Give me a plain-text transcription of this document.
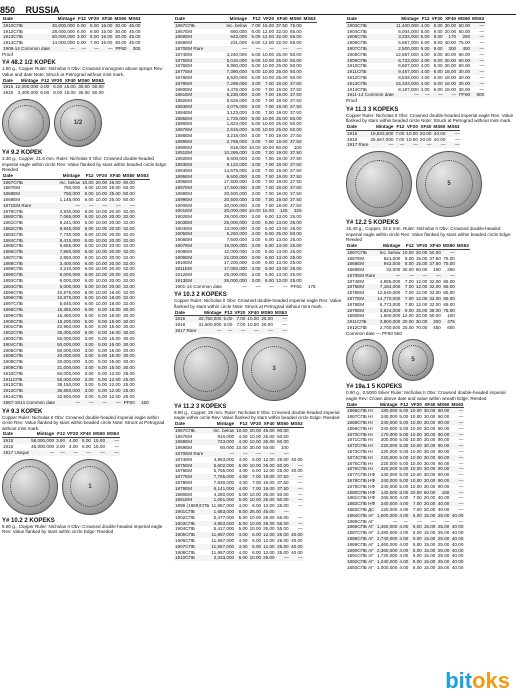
850 RUSSIA
Date	Mintage	F12	VF20	XF40	MS60	MS63
1910СПБ	30,800,000	6.00	8.00	15.00	30.00	45.00
1912СПБ	28,000,000	6.00	8.00	15.00	30.00	45.00
1913СПБ	50,000,000	3.00	6.00	15.00	30.00	45.00
1914СПБ	14,000,000	5.00	7.00	15.00	30.00	45.00
1908-14 Common date	—	—	—	—	PF60	300
Proof
Y# 48.2 1/2 KOPEK
1.60 g., Copper Ruler: Nicholas II Obv: Crowned monogram above sprays Rev: Value and date Note: Struck at Petrograd without mint mark.
Date	Mintage	F12	VF20	XF40	MS60	MS63
1915	12,000,000	4.00	6.00	15.00	30.00	50.00
1916	3,400,000	6.00	8.00	15.00	35.00	50.00
1/2
Y# 9.2 KOPEK
3.30 g., Copper, 21.6 mm. Ruler: Nicholas II Obv: Crowned double-headed imperial eagle within circle Rev: Value flanked by stars within beaded circle Edge: Reeded
Date	Mintage	F12	VF20	XF40	MS60	MS63
1867СПБ	Inc. below	10.00	20.00	45.00	90.00	
1867ЕМ	750,000	6.00	10.00	25.00	50.00	
1868ЕМ	750,000	6.00	10.00	25.00	50.00	
1869ЕМ	1,145,000	6.00	10.00	25.00	50.00	
1871ЕМ Rare	—	—	—	—	—	
1879СПБ	2,830,000	6.00	10.00	20.00	32.00	
1880СПБ	7,065,000	6.00	10.00	20.00	32.00	
1881СПБ	8,241,000	5.00	10.00	20.00	32.00	
1882СПБ	9,945,000	5.00	10.00	20.00	32.00	
1883СПБ	7,730,000	5.00	10.00	20.00	32.00	
1884СПБ	8,415,000	5.00	10.00	20.00	32.00	
1885СПБ	5,665,000	5.00	10.00	20.00	32.00	
1886СПБ	7,850,000	5.00	10.00	20.00	32.00	
1887СПБ	2,850,000	6.00	10.00	20.00	32.00	
1888СПБ	3,400,000	6.00	10.00	20.00	32.00	
1889СПБ	3,210,000	6.00	10.00	20.00	32.00	
1890СПБ	6,000,000	6.00	10.00	20.00	32.00	
1893СПБ	6,000,000	6.00	10.00	20.00	32.00	
1894СПБ	6,000,000	6.00	10.00	20.00	32.00	
1895СПБ	10,875,000	5.00	10.00	18.00	32.00	
1896СПБ	10,875,000	5.00	10.00	18.00	32.00	
1897СПБ	5,640,000	6.00	10.00	18.00	32.00	
1898СПБ	15,360,000	5.00	8.00	15.00	30.00	
1899СПБ	15,460,000	5.00	8.00	15.00	30.00	
1900СПБ	18,200,000	5.00	8.00	15.00	30.00	
1901СПБ	22,960,000	5.00	8.00	15.00	30.00	
1902СПБ	35,000,000	5.00	8.00	15.00	30.00	
1903СПБ	50,000,000	3.00	5.00	15.00	30.00	
1904СПБ	50,000,000	3.00	5.00	15.00	30.00	
1905СПБ	50,000,000	3.00	5.00	15.00	30.00	
1906СПБ	20,000,000	3.00	5.00	15.00	30.00	
1908СПБ	20,000,000	3.00	5.00	15.00	30.00	
1909СПБ	31,000,000	3.00	5.00	15.00	30.00	
1910СПБ	50,000,000	3.00	5.00	12.00	25.00	
1911СПБ	50,000,000	3.00	5.00	12.00	25.00	
1912СПБ	38,150,000	3.00	5.00	12.00	25.00	
1913СПБ	36,650,000	3.00	5.00	12.00	25.00	
1914СПБ	32,500,000	3.00	5.00	12.00	25.00	
1867-1914 Common date	—	—	—	—	PF60	150
Y# 9.3 KOPEK
Copper Ruler: Nicholas II Obv: Crowned double-headed imperial eagle within circle Rev: Value flanked by stars within beaded circle Note: Struck at Petrograd without mint mark.
Date	Mintage	F12	VF20	XF40	MS60	MS63
1915	58,000,000	3.00	4.00	6.00	15.00	—
1916	46,000,000	3.00	4.00	6.00	15.00	—
1917 Unique	—	—	—	—	—	—
1
Y# 10.2 2 KOPEKS
6.60 g., Copper Ruler: Nicholas II Obv: Crowned double-headed imperial eagle Rev: Value flanked by stars within circle Edge: Reeded
Date	Mintage	F12	VF20	XF40	MS60	MS63
1867СПБ	Inc. below	7.00	15.00	37.50	75.00	
1867ЕМ	650,000	6.00	12.00	32.00	65.00	
1868ЕМ	643,000	6.00	12.00	32.00	65.00	
1869ЕМ	231,000	6.00	12.00	32.00	65.00	
1870ЕМ Rare	—	—	—	—	—	
1874ЕМ	3,240,000	5.00	10.00	25.00	50.00	
1875ЕМ	5,010,000	5.00	10.00	25.00	50.00	
1876ЕМ	5,980,000	5.00	10.00	25.00	50.00	
1877ЕМ	7,390,000	5.00	10.00	25.00	50.00	
1878ЕМ	6,520,000	5.00	10.00	25.00	50.00	
1879ЕМ	7,299,000	3.00	7.00	19.00	37.50	
1880ЕМ	4,479,000	3.00	7.00	19.00	37.50	
1881ЕМ	6,230,000	3.00	7.00	19.00	37.50	
1882ЕМ	5,625,000	3.00	7.00	19.00	37.50	
1883ЕМ	3,075,000	3.00	7.00	19.00	37.50	
1884ЕМ	3,123,000	3.00	7.00	19.00	37.50	
1885ЕМ	1,725,000	5.00	10.00	25.00	50.00	
1886ЕМ	1,823,000	5.00	10.00	25.00	50.00	
1887ЕМ	2,615,000	5.00	10.00	25.00	50.00	
1888ЕМ	3,218,000	3.00	7.00	19.00	37.50	
1889ЕМ	2,788,000	3.00	7.00	19.00	37.50	
1890ЕМ	918,000	10.00	20.00	50.00	100	
1891ЕМ	10,295,000	3.00	7.00	19.00	37.50	
1892ЕМ	8,600,000	3.00	7.00	19.00	37.50	
1893ЕМ	9,122,000	3.00	7.00	19.00	37.50	
1894ЕМ	14,675,000	3.00	7.00	19.00	37.50	
1895ЕМ	9,500,000	3.00	7.00	19.00	37.50	
1896ЕМ	17,500,000	3.00	7.00	19.00	37.50	
1897ЕМ	17,500,000	3.00	7.00	19.00	37.50	
1898ЕМ	20,500,000	3.00	7.00	19.00	37.50	
1899ЕМ	20,500,000	3.00	7.00	19.00	37.50	
1900ЕМ	20,000,000	3.00	7.00	19.00	37.50	
1901ЕМ	20,000,000	10.00	15.00	125	325	
1902ЕМ	29,000,000	3.00	6.00	13.00	25.00	
1903ЕМ	25,000,000	3.00	6.00	13.00	25.00	
1904ЕМ	13,000,000	3.00	6.00	13.00	25.00	
1905ЕМ	6,250,000	4.00	8.00	25.00	50.00	
1906ЕМ	7,500,000	3.00	6.00	13.00	25.00	
1907ЕМ	19,000,000	3.00	6.00	13.00	25.00	
1908ЕМ	12,000,000	3.00	6.00	13.00	25.00	
1909ЕМ	22,000,000	3.00	6.00	13.00	25.00	
1910ЕМ	17,200,000	3.00	6.00	13.00	25.00	
1911ЕМ	17,050,000	3.00	6.00	13.00	25.00	
1912ЕМ	26,000,000	3.00	6.00	13.00	25.00	
1913ЕМ	26,000,000	3.00	6.00	13.00	25.00	
1901-14 Common date	—	—	—	—	PF60	175
Y# 10.3 2 KOPEKS
Copper Ruler: Nicholas II Obv: Crowned double-headed imperial eagle Rev: Value flanked by stars within circle Note: Struck at Petrograd without mint mark.
Date	Mintage	F12	VF20	XF40	MS60	MS63
1915	33,750,000	5.00	7.00	10.00	25.00	—
1916	31,500,000	5.00	7.00	10.00	25.00	—
1917 Rare	—	—	—	—	—	—
3
Y# 11.2 3 KOPEKS
9.80 g., Copper, 28 mm. Ruler: Nicholas II Obv: Crowned double-headed imperial eagle within circle Rev: Value flanked by stars within beaded circle Edge: Reeded
Date	Mintage	F12	VF20	XF40	MS60	MS63
1867СПБ	Inc. below	10.00	20.00	45.00	90.00	
1867ЕМ	910,000	4.00	10.00	25.00	50.00	
1868ЕМ	723,000	4.00	10.00	25.00	50.00	
1869ЕМ	80,000	10.00	20.00	50.00	100	
1870ЕМ Rare	—	—	—	—	—	
1874ЕМ	4,863,000	4.00	6.00	12.00	25.00	40.00
1875ЕМ	5,602,000	5.00	10.00	25.00	50.00	—
1876ЕМ	5,755,000	4.00	6.00	12.00	25.00	40.00
1877ЕМ	7,755,000	4.00	7.00	19.00	37.50	—
1878ЕМ	7,830,000	4.00	7.00	19.00	37.50	—
1879ЕМ	6,141,000	4.00	7.00	19.00	37.50	—
1880ЕМ	4,280,000	5.00	10.00	25.00	50.00	—
1881ЕМ	1,061,000	5.00	10.00	25.00	50.00	—
1899 (1889)СПБ	11,667,000	4.00	6.00	12.00	25.00	—
1901СПБ	1,683,000	8.00	25.00	45.00	—	
1902СПБ	5,477,000	5.00	10.00	25.00	55.00	—
1903СПБ	4,853,000	5.00	10.00	25.00	55.00	—
1904СПБ	5,417,000	5.00	10.00	25.00	55.00	—
1905СПБ	11,667,000	4.00	6.00	12.00	25.00	40.00
1906СПБ	11,667,000	4.00	6.00	12.00	25.00	40.00
1907СПБ	11,667,000	4.00	6.00	12.00	25.00	40.00
1908СПБ	11,667,000	4.00	6.00	12.00	25.00	40.00
1910СПБ	3,333,000	5.00	10.00	25.00	—	—
Date	Mintage	F12	VF20	XF40	MS60	MS63
1903СПБ	11,400,000	4.00	6.00	30.00	60.00	—
1904СПБ	6,004,000	5.00	9.00	20.00	60.00	—
1905СПБ	3,333,000	5.00	9.00	170	250	—
1906СПБ	5,667,000	5.00	9.00	40.00	75.00	—
1907СПБ	2,500,000	5.00	9.00	300	450	—
1908СПБ	12,667,000	4.00	6.00	30.00	60.00	—
1909СПБ	6,733,000	4.00	6.00	30.00	60.00	—
1910СПБ	6,667,000	4.00	6.00	30.00	60.00	—
1911СПБ	9,467,000	4.00	6.00	18.00	30.00	—
1912СПБ	8,533,000	4.00	6.00	18.00	30.00	—
1913СПБ	15,333,000	4.00	6.00	18.00	30.00	—
1914СПБ	8,167,000	4.00	6.00	18.00	30.00	—
1911-14 Common date	—	—	—	—	PF60	600
Proof
Y# 11.3 3 KOPEKS
Copper Ruler: Nicholas II Obv: Crowned double-headed imperial eagle Rev: Value flanked by stars within beaded circle Note: Struck at Petrograd without mint mark.
Date	Mintage	F12	VF20	XF40	MS60	MS63
1915	19,833,000	7.00	10.00	20.00	40.00	—
1916	25,667,000	7.00	10.00	20.00	40.00	—
1917 Rare	—	—	—	—	—	—
5
Y# 12.2 5 KOPEKS
16.40 g., Copper, 32.6 mm. Ruler: Nicholas II Obv: Crowned double-headed imperial eagle within circle Rev: Value flanked by stars within beaded circle Edge: Reeded
Date	Mintage	F12	VF20	XF40	MS60	MS63
1867СПБ	Inc. below	10.00	20.00	50.00	—	
1867ЕМ	821,000	8.00	15.00	37.50	75.00	
1868ЕМ	942,000	8.00	15.00	37.50	75.00	
1869ЕМ	32,000	30.00	60.00	150	250	
1870ЕМ Rare	—	—	—	—	—	
1874ЕМ	4,655,000	7.00	12.00	32.00	65.00	
1875ЕМ	7,164,000	7.00	12.00	32.00	65.00	
1876ЕМ	12,540,000	7.00	12.00	32.00	65.00	
1877ЕМ	14,770,000	7.00	12.00	32.00	65.00	
1878ЕМ	6,773,000	7.00	12.00	32.00	65.00	
1879ЕМ	3,824,000	9.00	15.00	38.00	75.00	
1880ЕМ	1,600,000	12.00	20.00	50.00	100	
1911СПБ	3,800,000	20.00	30.00	300	475	
1912СПБ	2,700,000	20.00	70.00	450	600	
Common date — PF60 550
5
Y# 19a.1 5 KOPEKS
0.90 g., 0.5000 Silver Ruler: Nicholas II Obv: Crowned double-headed imperial eagle Rev: Crown above date and value within wreath Edge: Reeded
Date	Mintage	F12	VF20	XF40	MS60	MS63
1866СПБ НІ	180,000	5.00	10.00	30.00	90.00	—
1867СПБ НІ	240,000	5.00	10.00	30.00	90.00	—
1868СПБ НІ	240,000	5.00	10.00	30.00	90.00	—
1869СПБ НІ	240,000	5.00	10.00	30.00	90.00	—
1870СПБ НІ	170,000	5.00	10.00	30.00	90.00	—
1871СПБ НІ	200,000	5.00	10.00	30.00	90.00	—
1872СПБ НІ	220,000	5.00	10.00	30.00	90.00	—
1873СПБ НІ	220,000	5.00	10.00	30.00	90.00	—
1874СПБ НІ	220,000	5.00	10.00	30.00	90.00	—
1875СПБ НІ	220,000	5.00	10.00	30.00	90.00	—
1876СПБ НІ	220,000	5.00	10.00	30.00	90.00	—
1877СПБ НФ	240,000	5.00	10.00	30.00	90.00	—
1878СПБ НФ	240,000	5.00	10.00	30.00	90.00	—
1879СПБ НФ	240,000	5.00	10.00	30.00	90.00	—
1880СПБ НФ	140,000	8.00	20.00	60.00	150	—
1881СПБ НФ	260,000	4.00	7.00	20.00	40.00	—
1882СПБ НФ	240,000	4.00	7.00	20.00	40.00	—
1883СПБ ДС	120,000	4.00	7.00	20.00	40.00	—
1884СПБ АГ	1,000,000	4.00	5.00	15.00	25.00	40.00
1885СПБ АГ	—	—	—	—	—	—
1886СПБ АГ	1,460,000	4.00	5.00	15.00	25.00	40.00
1887СПБ АГ	3,480,000	4.00	5.00	15.00	25.00	40.00
1888СПБ АГ	2,740,000	4.00	5.00	15.00	25.00	40.00
1889СПБ АГ	1,460,000	4.00	5.00	15.00	25.00	40.00
1890СПБ АГ	2,360,000	4.00	5.00	15.00	25.00	40.00
1891СПБ АГ	1,730,000	4.00	5.00	15.00	25.00	40.00
1892СПБ АГ	1,240,000	4.00	5.00	15.00	25.00	40.00
1893СПБ АГ	1,000,000	4.00	5.00	15.00	25.00	40.00
bitoks
